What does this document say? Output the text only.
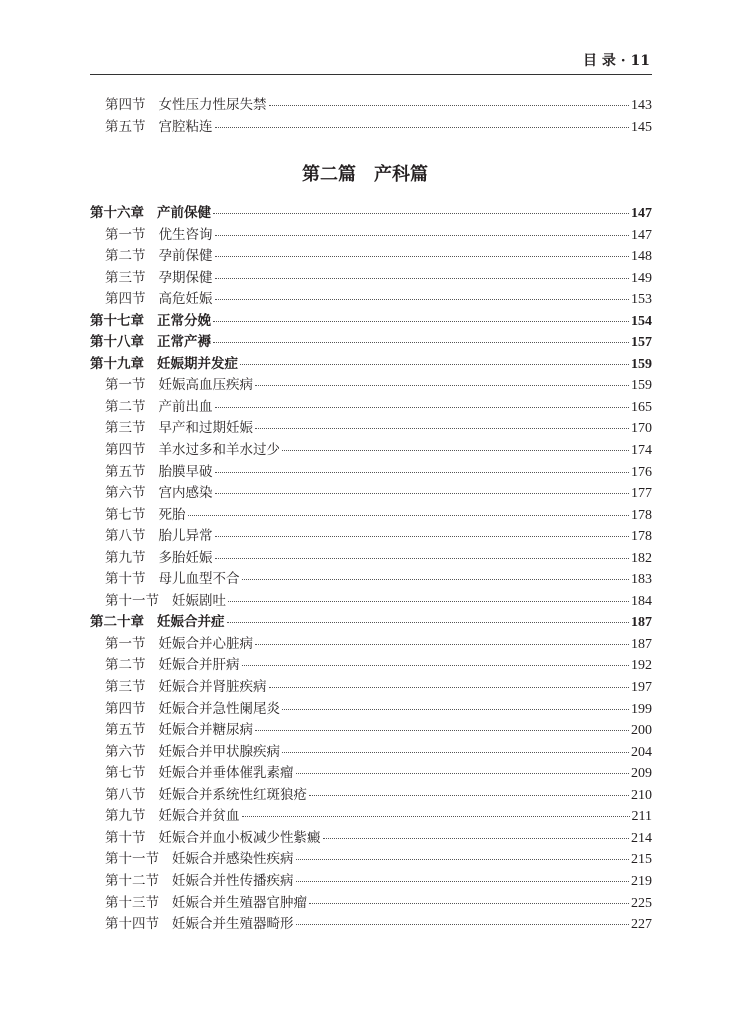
目 录 · 11
第四节 女性压力性尿失禁	143
第五节 宫腔粘连	145
第二篇　产科篇
第十六章 产前保健	147
第一节 优生咨询	147
第二节 孕前保健	148
第三节 孕期保健	149
第四节 高危妊娠	153
第十七章 正常分娩	154
第十八章 正常产褥	157
第十九章 妊娠期并发症	159
第一节 妊娠高血压疾病	159
第二节 产前出血	165
第三节 早产和过期妊娠	170
第四节 羊水过多和羊水过少	174
第五节 胎膜早破	176
第六节 宫内感染	177
第七节 死胎	178
第八节 胎儿异常	178
第九节 多胎妊娠	182
第十节 母儿血型不合	183
第十一节 妊娠剧吐	184
第二十章 妊娠合并症	187
第一节 妊娠合并心脏病	187
第二节 妊娠合并肝病	192
第三节 妊娠合并肾脏疾病	197
第四节 妊娠合并急性阑尾炎	199
第五节 妊娠合并糖尿病	200
第六节 妊娠合并甲状腺疾病	204
第七节 妊娠合并垂体催乳素瘤	209
第八节 妊娠合并系统性红斑狼疮	210
第九节 妊娠合并贫血	211
第十节 妊娠合并血小板减少性紫癜	214
第十一节 妊娠合并感染性疾病	215
第十二节 妊娠合并性传播疾病	219
第十三节 妊娠合并生殖器官肿瘤	225
第十四节 妊娠合并生殖器畸形	227
